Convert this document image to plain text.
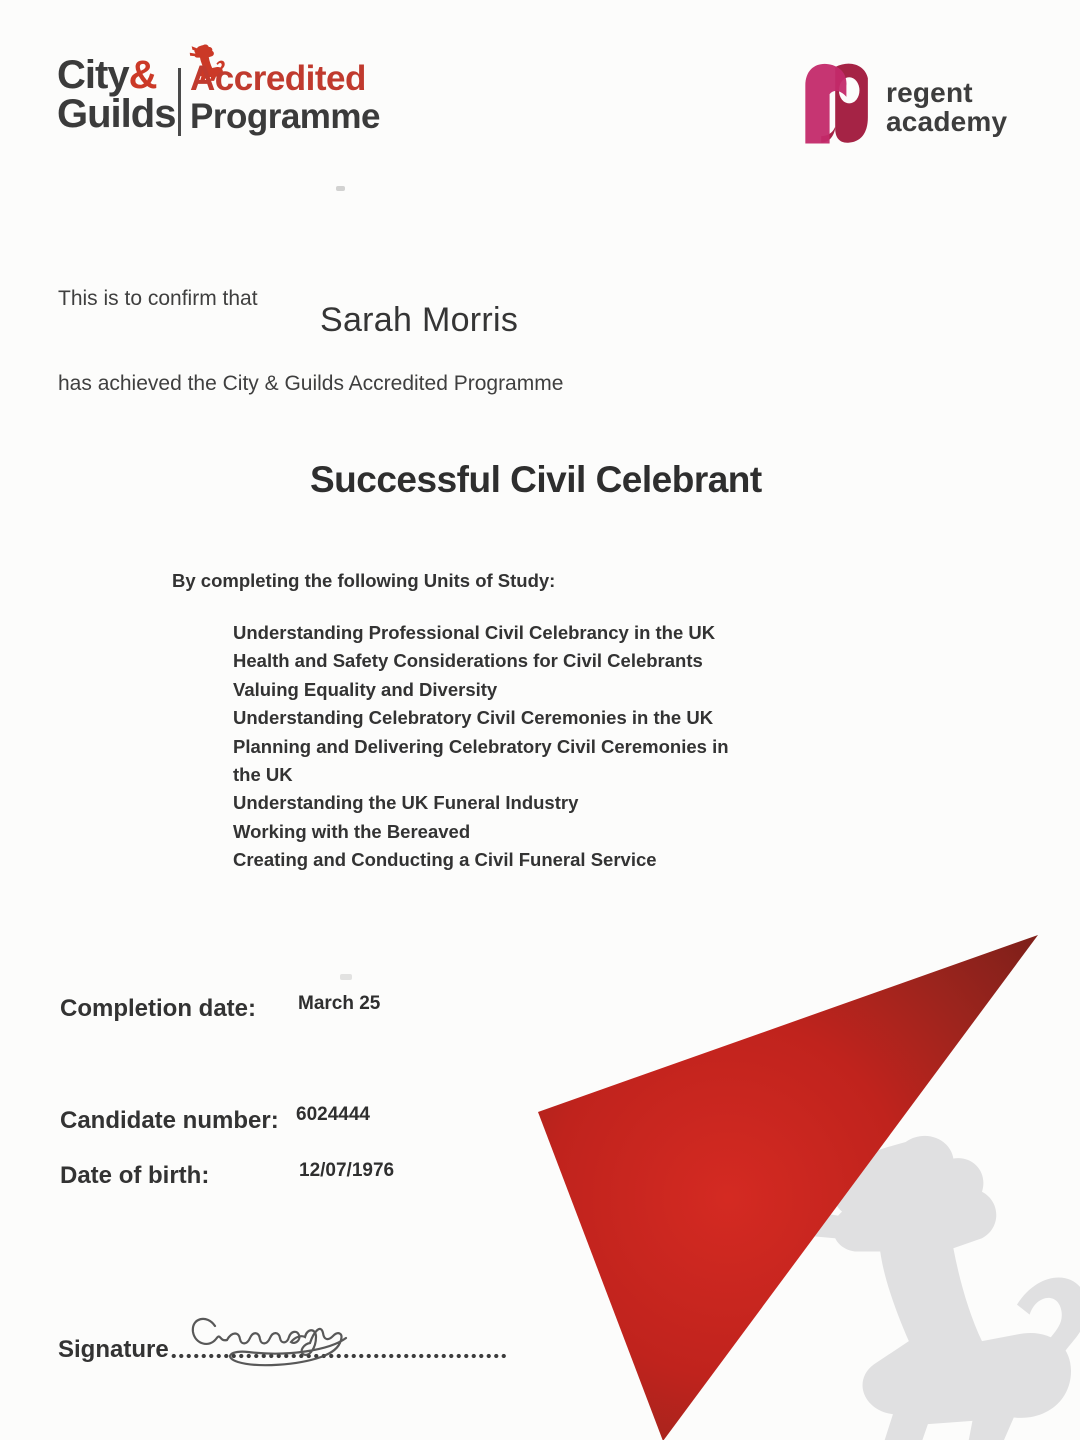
City&
Guilds
Accredited
Programme
regent
academy
This is to confirm that
Sarah Morris
has achieved the City & Guilds Accredited Programme
Successful Civil Celebrant
By completing the following Units of Study:
Understanding Professional Civil Celebrancy in the UK
Health and Safety Considerations for Civil Celebrants
Valuing Equality and Diversity
Understanding Celebratory Civil Ceremonies in the UK
Planning and Delivering Celebratory Civil Ceremonies in the UK
Understanding the UK Funeral Industry
Working with the Bereaved
Creating and Conducting a Civil Funeral Service
Completion date: March 25
Candidate number: 6024444
Date of birth:	12/07/1976
Signature
